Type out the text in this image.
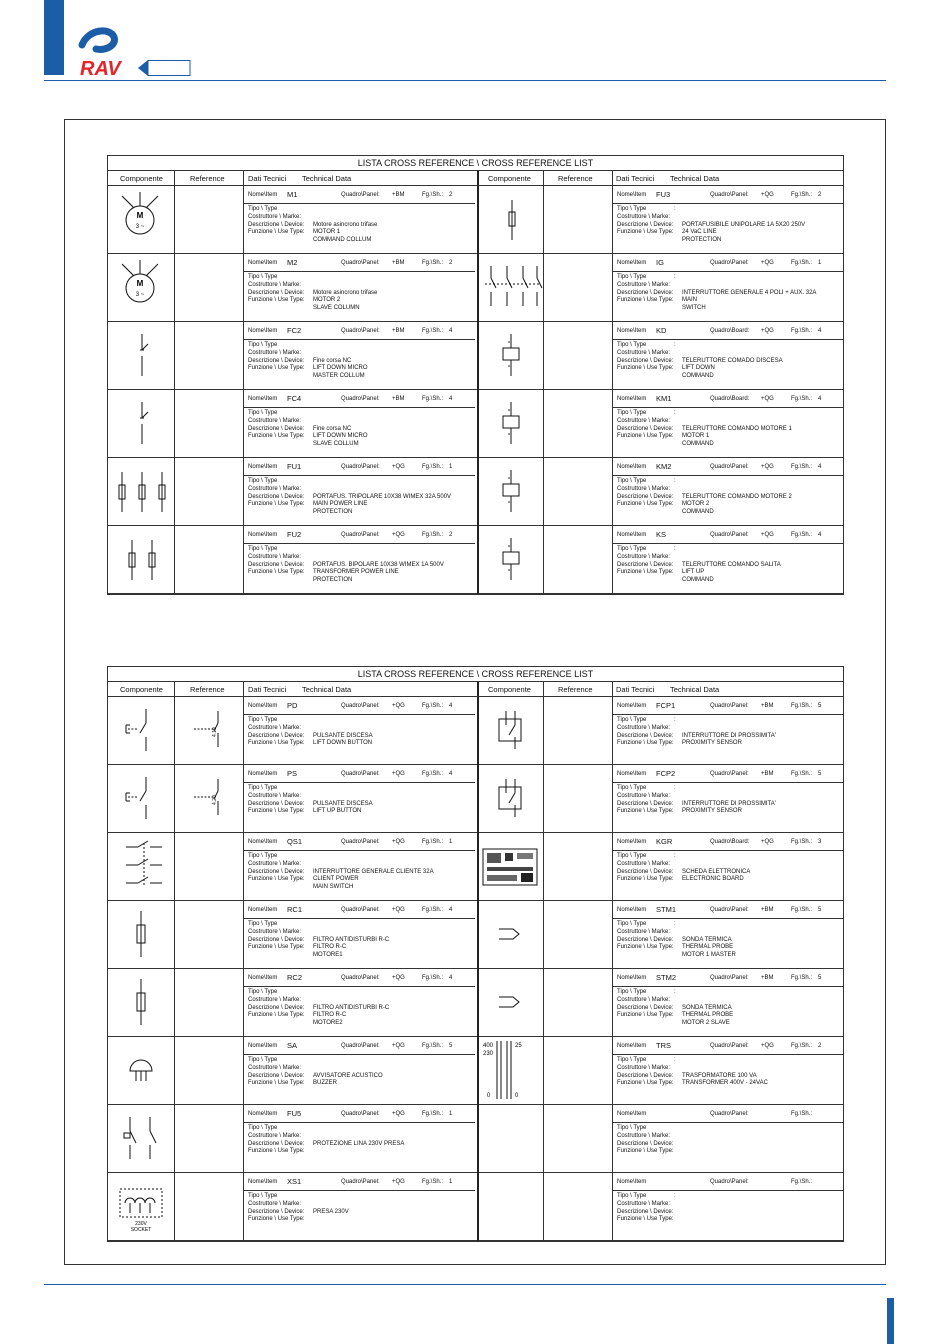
RAV
LISTA CROSS REFERENCE \ CROSS REFERENCE LIST
Componente	Reference	Dati Tecnici Technical Data	Componente	Reference	Dati Tecnici Technical Data
M
3 ~
Nome\Item M1	Quadro\Panel: +BM	Fg.\Sh.: 2
Tipo \ Type
Costruttore \ Marke:
Descrizione \ Device: Motore asincrono trifase
Funzione \ Use Type: MOTOR 1
COMMAND COLLUM
Nome\Item FU3	Quadro\Panel: +QG	Fg.\Sh.: 2
Tipo \ Type	:
Costruttore \ Marke:
Descrizione \ Device: PORTAFUSIBILE UNIPOLARE 1A 5X20 250V
Funzione \ Use Type: 24 VaC LINE
PROTECTION
M
3 ~
Nome\Item M2	Quadro\Panel: +BM	Fg.\Sh.: 2
Tipo \ Type
Costruttore \ Marke:
Descrizione \ Device: Motore asincrono trifase
Funzione \ Use Type: MOTOR 2
SLAVE COLUMN
Nome\Item IG	Quadro\Panel: +QG	Fg.\Sh.: 1
Tipo \ Type	:
Costruttore \ Marke:
Descrizione \ Device: INTERRUTTORE GENERALE 4 POLI + AUX. 32A
Funzione \ Use Type: MAIN
SWITCH
Nome\Item FC2	Quadro\Panel: +BM	Fg.\Sh.: 4
Tipo \ Type
Costruttore \ Marke:
Descrizione \ Device: Fine corsa NC
Funzione \ Use Type: LIFT DOWN MICRO
MASTER COLLUM
Nome\Item KD	Quadro\Board: +QG	Fg.\Sh.: 4
Tipo \ Type	:
Costruttore \ Marke:
Descrizione \ Device: TELERUTTORE COMADO DISCESA
Funzione \ Use Type: LIFT DOWN
COMMAND
Nome\Item FC4	Quadro\Panel: +BM	Fg.\Sh.: 4
Tipo \ Type
Costruttore \ Marke:
Descrizione \ Device: Fine corsa NC
Funzione \ Use Type: LIFT DOWN MICRO
SLAVE COLLUM
Nome\Item KM1	Quadro\Board: +QG	Fg.\Sh.: 4
Tipo \ Type	:
Costruttore \ Marke:
Descrizione \ Device: TELERUTTORE COMANDO MOTORE 1
Funzione \ Use Type: MOTOR 1
COMMAND
Nome\Item FU1	Quadro\Panel: +QG	Fg.\Sh.: 1
Tipo \ Type
Costruttore \ Marke:
Descrizione \ Device: PORTAFUS. TRIPOLARE 10X38 WIMEX 32A 500V
Funzione \ Use Type: MAIN POWER LINE
PROTECTION
Nome\Item KM2	Quadro\Panel: +QG	Fg.\Sh.: 4
Tipo \ Type	:
Costruttore \ Marke:
Descrizione \ Device: TELERUTTORE COMANDO MOTORE 2
Funzione \ Use Type: MOTOR 2
COMMAND
Nome\Item FU2	Quadro\Panel: +QG	Fg.\Sh.: 2
Tipo \ Type
Costruttore \ Marke:
Descrizione \ Device: PORTAFUS. BIPOLARE 10X38 WIMEX 1A 500V
Funzione \ Use Type: TRANSFORMER POWER LINE
PROTECTION
Nome\Item KS	Quadro\Panel: +QG	Fg.\Sh.: 4
Tipo \ Type	:
Costruttore \ Marke:
Descrizione \ Device: TELERUTTORE COMANDO SALITA
Funzione \ Use Type: LIFT UP
COMMAND
LISTA CROSS REFERENCE \ CROSS REFERENCE LIST
Componente	Reference	Dati Tecnici Technical Data	Componente	Reference	Dati Tecnici Technical Data
4.19
Nome\Item PD	Quadro\Panel: +QG	Fg.\Sh.: 4
Tipo \ Type
Costruttore \ Marke:
Descrizione \ Device: PULSANTE DISCESA
Funzione \ Use Type: LIFT DOWN BUTTON
Nome\Item FCP1	Quadro\Panel: +BM	Fg.\Sh.: 5
Tipo \ Type	:
Costruttore \ Marke:
Descrizione \ Device: INTERRUTTORE DI PROSSIMITA'
Funzione \ Use Type: PROXIMITY SENSOR
4.20
Nome\Item PS	Quadro\Panel: +QG	Fg.\Sh.: 4
Tipo \ Type
Costruttore \ Marke:
Descrizione \ Device: PULSANTE DISCESA
Funzione \ Use Type: LIFT UP BUTTON
Nome\Item FCP2	Quadro\Panel: +BM	Fg.\Sh.: 5
Tipo \ Type	:
Costruttore \ Marke:
Descrizione \ Device: INTERRUTTORE DI PROSSIMITA'
Funzione \ Use Type: PROXIMITY SENSOR
Nome\Item QS1	Quadro\Panel: +QG	Fg.\Sh.: 1
Tipo \ Type
Costruttore \ Marke:
Descrizione \ Device: INTERRUTTORE GENERALE CLIENTE 32A
Funzione \ Use Type: CLIENT POWER
MAIN SWITCH
Nome\Item KGR	Quadro\Board: +QG	Fg.\Sh.: 3
Tipo \ Type	:
Costruttore \ Marke:
Descrizione \ Device: SCHEDA ELETTRONICA
Funzione \ Use Type: ELECTRONIC BOARD
Nome\Item RC1	Quadro\Panel: +QG	Fg.\Sh.: 4
Tipo \ Type
Costruttore \ Marke:
Descrizione \ Device: FILTRO ANTIDISTURBI R-C
Funzione \ Use Type: FILTRO R-C
MOTORE1
Nome\Item STM1	Quadro\Panel: +BM	Fg.\Sh.: 5
Tipo \ Type	:
Costruttore \ Marke:
Descrizione \ Device: SONDA TERMICA
Funzione \ Use Type: THERMAL PROBE
MOTOR 1 MASTER
Nome\Item RC2	Quadro\Panel: +QG	Fg.\Sh.: 4
Tipo \ Type
Costruttore \ Marke:
Descrizione \ Device: FILTRO ANTIDISTURBI R-C
Funzione \ Use Type: FILTRO R-C
MOTORE2
Nome\Item STM2	Quadro\Panel: +BM	Fg.\Sh.: 5
Tipo \ Type	:
Costruttore \ Marke:
Descrizione \ Device: SONDA TERMICA
Funzione \ Use Type: THERMAL PROBE
MOTOR 2 SLAVE
Nome\Item SA	Quadro\Panel: +QG	Fg.\Sh.: 5
Tipo \ Type
Costruttore \ Marke:
Descrizione \ Device: AVVISATORE ACUSTICO
Funzione \ Use Type: BUZZER
400
230
0
25
0
Nome\Item TRS	Quadro\Panel: +QG	Fg.\Sh.: 2
Tipo \ Type	:
Costruttore \ Marke:
Descrizione \ Device: TRASFORMATORE 100 VA
Funzione \ Use Type: TRANSFORMER 400V - 24VAC
Nome\Item FU5	Quadro\Panel: +QG	Fg.\Sh.: 1
Tipo \ Type
Costruttore \ Marke:
Descrizione \ Device: PROTEZIONE LINA 230V PRESA
Funzione \ Use Type:
Nome\Item	Quadro\Panel:	Fg.\Sh.:
Tipo \ Type
Costruttore \ Marke:
Descrizione \ Device:
Funzione \ Use Type:
230V
SOCKET
Nome\Item XS1	Quadro\Panel: +QG	Fg.\Sh.: 1
Tipo \ Type
Costruttore \ Marke:
Descrizione \ Device: PRESA 230V
Funzione \ Use Type:
Nome\Item	Quadro\Panel:	Fg.\Sh.:
Tipo \ Type	:
Costruttore \ Marke:
Descrizione \ Device:
Funzione \ Use Type:
